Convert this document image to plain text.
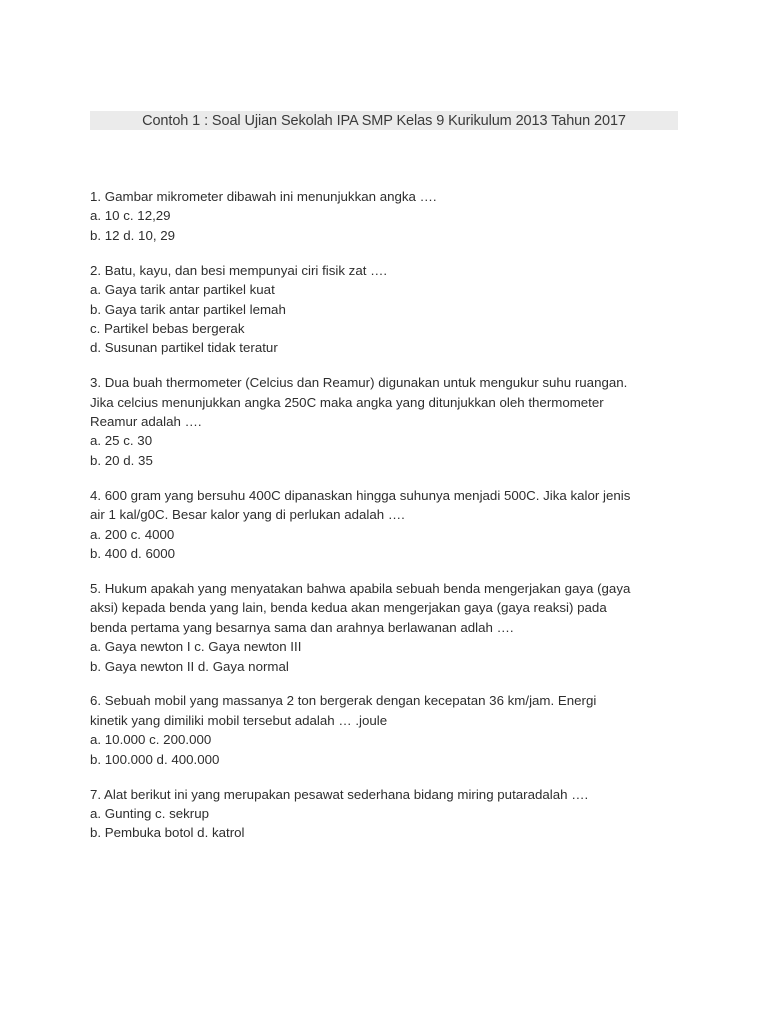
Contoh 1 : Soal Ujian Sekolah IPA SMP Kelas 9 Kurikulum 2013 Tahun 2017
1. Gambar mikrometer dibawah ini menunjukkan angka ….
a. 10 c. 12,29
b. 12 d. 10, 29
2. Batu, kayu, dan besi mempunyai ciri fisik zat ….
a. Gaya tarik antar partikel kuat
b. Gaya tarik antar partikel lemah
c. Partikel bebas bergerak
d. Susunan partikel tidak teratur
3. Dua buah thermometer (Celcius dan Reamur) digunakan untuk mengukur suhu ruangan.
Jika celcius menunjukkan angka 250C maka angka yang ditunjukkan oleh thermometer
Reamur adalah ….
a. 25 c. 30
b. 20 d. 35
4. 600 gram yang bersuhu 400C dipanaskan hingga suhunya menjadi 500C. Jika kalor jenis
air 1 kal/g0C. Besar kalor yang di perlukan adalah ….
a. 200 c. 4000
b. 400 d. 6000
5. Hukum apakah yang menyatakan bahwa apabila sebuah benda mengerjakan gaya (gaya
aksi) kepada benda yang lain, benda kedua akan mengerjakan gaya (gaya reaksi) pada
benda pertama yang besarnya sama dan arahnya berlawanan adlah ….
a. Gaya newton I c. Gaya newton III
b. Gaya newton II d. Gaya normal
6. Sebuah mobil yang massanya 2 ton bergerak dengan kecepatan 36 km/jam. Energi
kinetik yang dimiliki mobil tersebut adalah … .joule
a. 10.000 c. 200.000
b. 100.000 d. 400.000
7. Alat berikut ini yang merupakan pesawat sederhana bidang miring putaradalah ….
a. Gunting c. sekrup
b. Pembuka botol d. katrol
